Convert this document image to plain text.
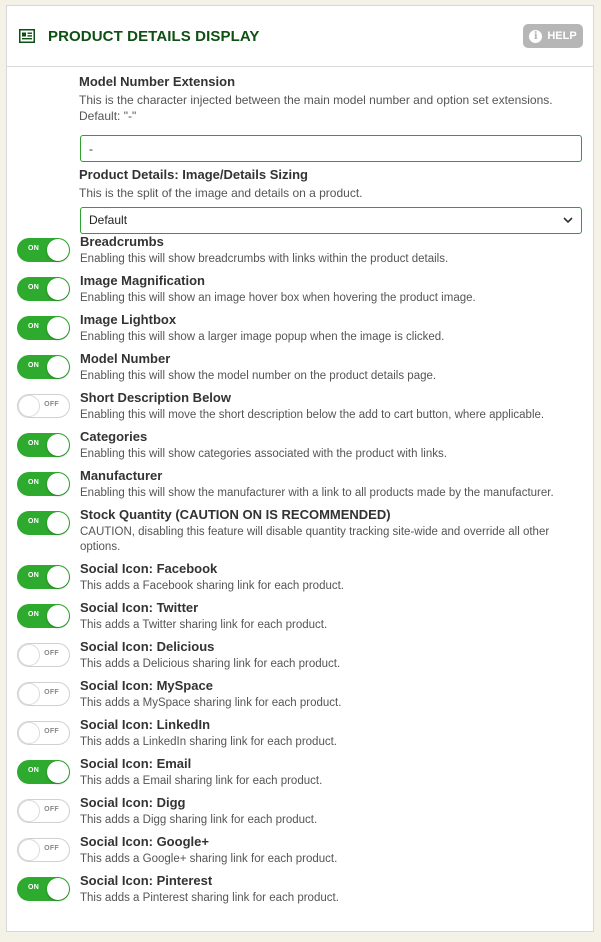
PRODUCT DETAILS DISPLAY	i HELP
Model Number Extension
This is the character injected between the main model number and option set extensions. Default: "-"
-
Product Details: Image/Details Sizing
This is the split of the image and details on a product.
Default
ON	Breadcrumbs
Enabling this will show breadcrumbs with links within the product details.
ON	Image Magnification
Enabling this will show an image hover box when hovering the product image.
ON	Image Lightbox
Enabling this will show a larger image popup when the image is clicked.
ON	Model Number
Enabling this will show the model number on the product details page.
OFF Short Description Below
Enabling this will move the short description below the add to cart button, where applicable.
ON	Categories
Enabling this will show categories associated with the product with links.
ON	Manufacturer
Enabling this will show the manufacturer with a link to all products made by the manufacturer.
ON	Stock Quantity (CAUTION ON IS RECOMMENDED)
CAUTION, disabling this feature will disable quantity tracking site-wide and override all other options.
ON	Social Icon: Facebook
This adds a Facebook sharing link for each product.
ON	Social Icon: Twitter
This adds a Twitter sharing link for each product.
OFF Social Icon: Delicious
This adds a Delicious sharing link for each product.
OFF Social Icon: MySpace
This adds a MySpace sharing link for each product.
OFF Social Icon: LinkedIn
This adds a LinkedIn sharing link for each product.
ON	Social Icon: Email
This adds a Email sharing link for each product.
OFF Social Icon: Digg
This adds a Digg sharing link for each product.
OFF Social Icon: Google+
This adds a Google+ sharing link for each product.
ON	Social Icon: Pinterest
This adds a Pinterest sharing link for each product.
